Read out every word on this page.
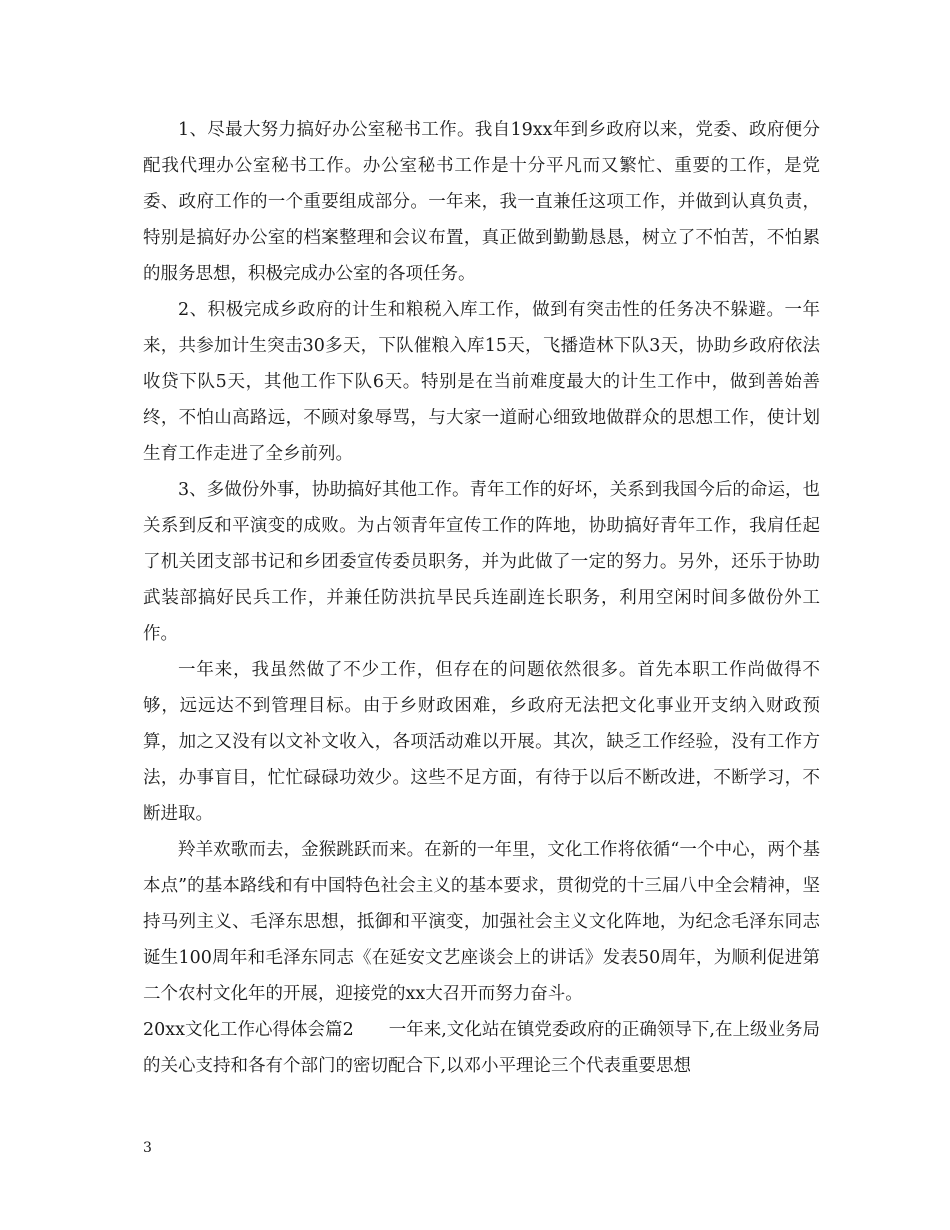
1、尽最大努力搞好办公室秘书工作。我自19xx年到乡政府以来，党委、政府便分配我代理办公室秘书工作。办公室秘书工作是十分平凡而又繁忙、重要的工作，是党委、政府工作的一个重要组成部分。一年来，我一直兼任这项工作，并做到认真负责，特别是搞好办公室的档案整理和会议布置，真正做到勤勤恳恳，树立了不怕苦，不怕累的服务思想，积极完成办公室的各项任务。

2、积极完成乡政府的计生和粮税入库工作，做到有突击性的任务决不躲避。一年来，共参加计生突击30多天，下队催粮入库15天，飞播造林下队3天，协助乡政府依法收贷下队5天，其他工作下队6天。特别是在当前难度最大的计生工作中，做到善始善终，不怕山高路远，不顾对象辱骂，与大家一道耐心细致地做群众的思想工作，使计划生育工作走进了全乡前列。

3、多做份外事，协助搞好其他工作。青年工作的好坏，关系到我国今后的命运，也关系到反和平演变的成败。为占领青年宣传工作的阵地，协助搞好青年工作，我肩任起了机关团支部书记和乡团委宣传委员职务，并为此做了一定的努力。另外，还乐于协助武装部搞好民兵工作，并兼任防洪抗旱民兵连副连长职务，利用空闲时间多做份外工作。

一年来，我虽然做了不少工作，但存在的问题依然很多。首先本职工作尚做得不够，远远达不到管理目标。由于乡财政困难，乡政府无法把文化事业开支纳入财政预算，加之又没有以文补文收入，各项活动难以开展。其次，缺乏工作经验，没有工作方法，办事盲目，忙忙碌碌功效少。这些不足方面，有待于以后不断改进，不断学习，不断进取。

羚羊欢歌而去，金猴跳跃而来。在新的一年里，文化工作将依循“一个中心，两个基本点”的基本路线和有中国特色社会主义的基本要求，贯彻党的十三届八中全会精神，坚持马列主义、毛泽东思想，抵御和平演变，加强社会主义文化阵地，为纪念毛泽东同志诞生100周年和毛泽东同志《在延安文艺座谈会上的讲话》发表50周年，为顺利促进第二个农村文化年的开展，迎接党的xx大召开而努力奋斗。

20xx文化工作心得体会篇2　　一年来,文化站在镇党委政府的正确领导下,在上级业务局的关心支持和各有个部门的密切配合下,以邓小平理论三个代表重要思想

3
